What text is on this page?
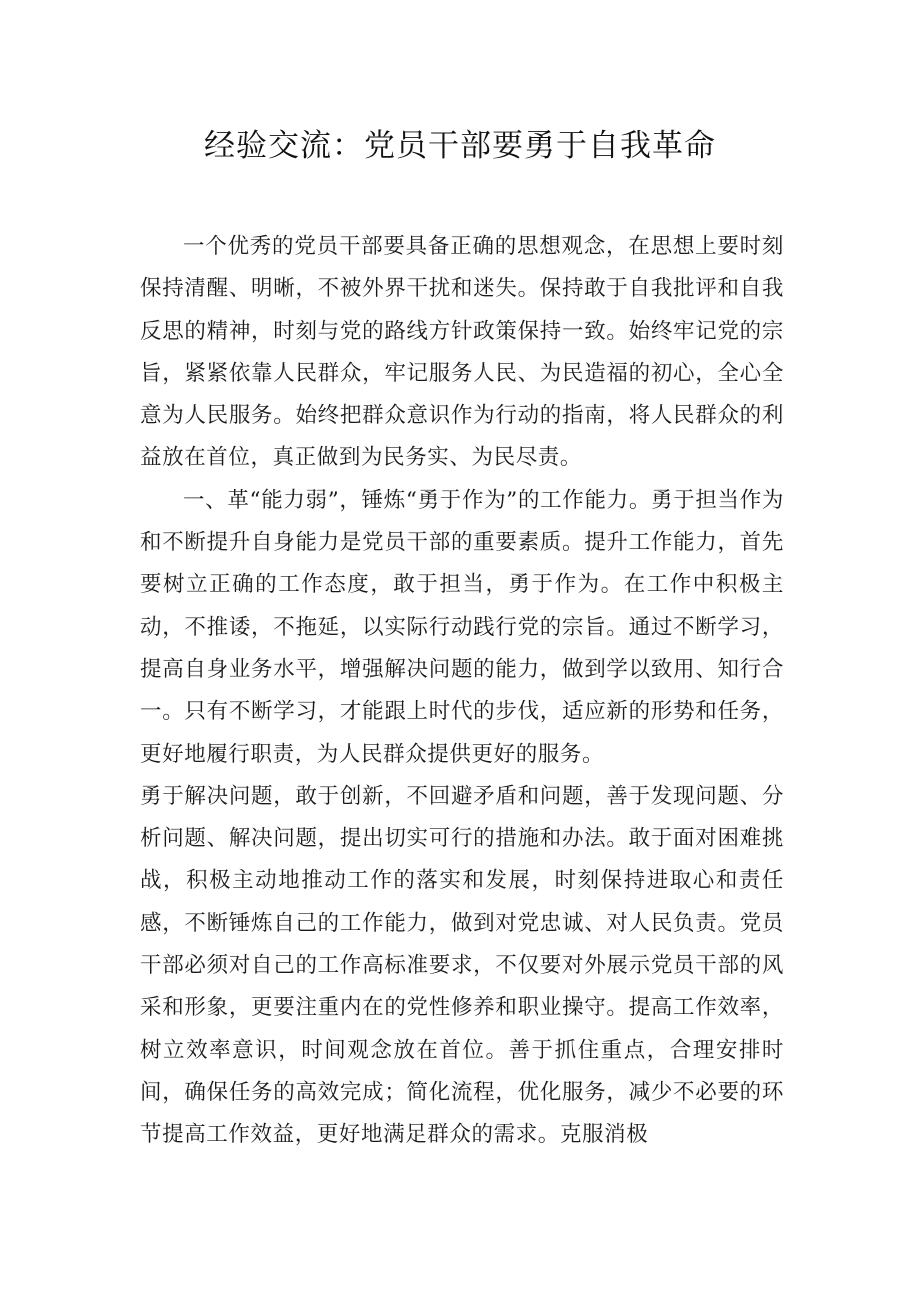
经验交流：党员干部要勇于自我革命

一个优秀的党员干部要具备正确的思想观念，在思想上要时刻保持清醒、明晰，不被外界干扰和迷失。保持敢于自我批评和自我反思的精神，时刻与党的路线方针政策保持一致。始终牢记党的宗旨，紧紧依靠人民群众，牢记服务人民、为民造福的初心，全心全意为人民服务。始终把群众意识作为行动的指南，将人民群众的利益放在首位，真正做到为民务实、为民尽责。

一、革“能力弱”，锤炼“勇于作为”的工作能力。勇于担当作为和不断提升自身能力是党员干部的重要素质。提升工作能力，首先要树立正确的工作态度，敢于担当，勇于作为。在工作中积极主动，不推诿，不拖延，以实际行动践行党的宗旨。通过不断学习，提高自身业务水平，增强解决问题的能力，做到学以致用、知行合一。只有不断学习，才能跟上时代的步伐，适应新的形势和任务，更好地履行职责，为人民群众提供更好的服务。

勇于解决问题，敢于创新，不回避矛盾和问题，善于发现问题、分析问题、解决问题，提出切实可行的措施和办法。敢于面对困难挑战，积极主动地推动工作的落实和发展，时刻保持进取心和责任感，不断锤炼自己的工作能力，做到对党忠诚、对人民负责。党员干部必须对自己的工作高标准要求，不仅要对外展示党员干部的风采和形象，更要注重内在的党性修养和职业操守。提高工作效率，树立效率意识，时间观念放在首位。善于抓住重点，合理安排时间，确保任务的高效完成；简化流程，优化服务，减少不必要的环节提高工作效益，更好地满足群众的需求。克服消极
